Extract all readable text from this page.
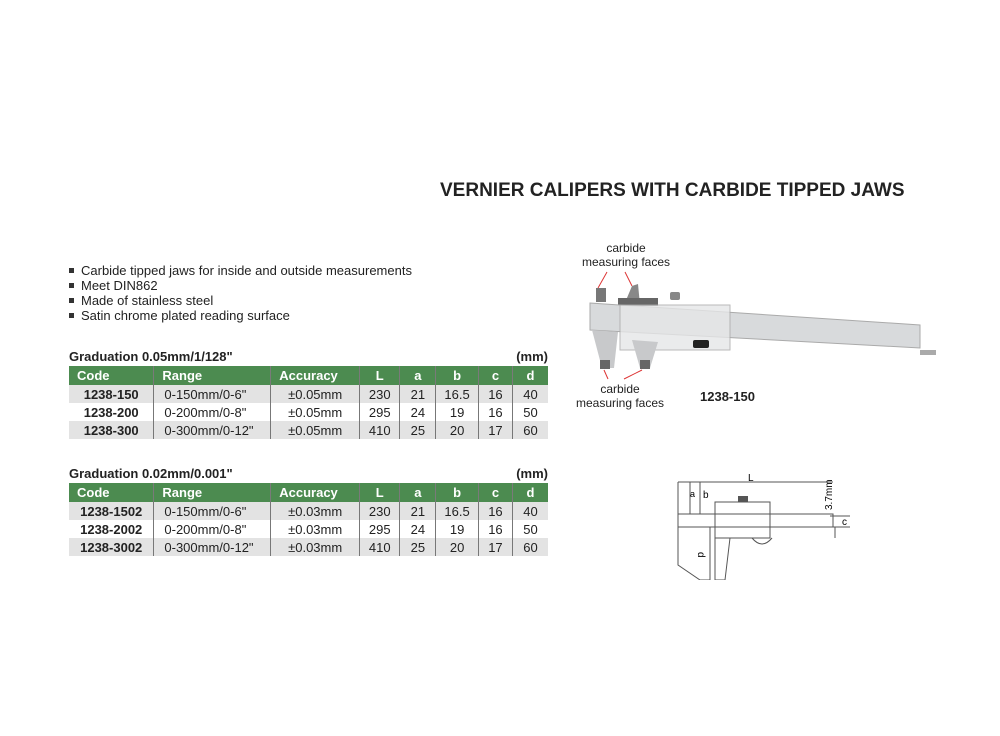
VERNIER CALIPERS WITH CARBIDE TIPPED JAWS
Carbide tipped jaws for inside and outside measurements
Meet DIN862
Made of stainless steel
Satin chrome plated reading surface
Graduation 0.05mm/1/128"	(mm)
Code	Range	Accuracy	L	a	b	c	d
1238-150	0-150mm/0-6"	±0.05mm	230	21	16.5	16	40
1238-200	0-200mm/0-8"	±0.05mm	295	24	19	16	50
1238-300	0-300mm/0-12"	±0.05mm	410	25	20	17	60
Graduation 0.02mm/0.001"	(mm)
Code	Range	Accuracy	L	a	b	c	d
1238-1502	0-150mm/0-6"	±0.03mm	230	21	16.5	16	40
1238-2002	0-200mm/0-8"	±0.03mm	295	24	19	16	50
1238-3002	0-300mm/0-12"	±0.03mm	410	25	20	17	60
carbide measuring faces
carbide measuring faces	1238-150
L
a b
c
d
3.7mm
